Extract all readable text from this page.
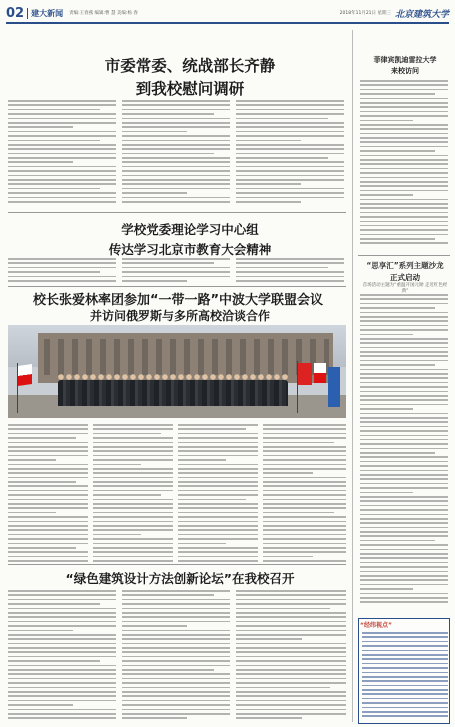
02 建大新闻 责编:王春燕 编辑:曹 慧 美编:杨 春	2018年11月21日 星期三 北京建筑大学
市委常委、统战部长齐静
到我校慰问调研
学校党委理论学习中心组
传达学习北京市教育大会精神
校长张爱林率团参加“一带一路”中波大学联盟会议
并访问俄罗斯与多所高校洽谈合作
“绿色建筑设计方法创新论坛”在我校召开
菲律宾凯迪雷拉大学
来校访问
“思享汇”系列主题沙龙
正式启动
首场活动主题为“重温开国元勋 走近红色经典”
“经纬视点”
